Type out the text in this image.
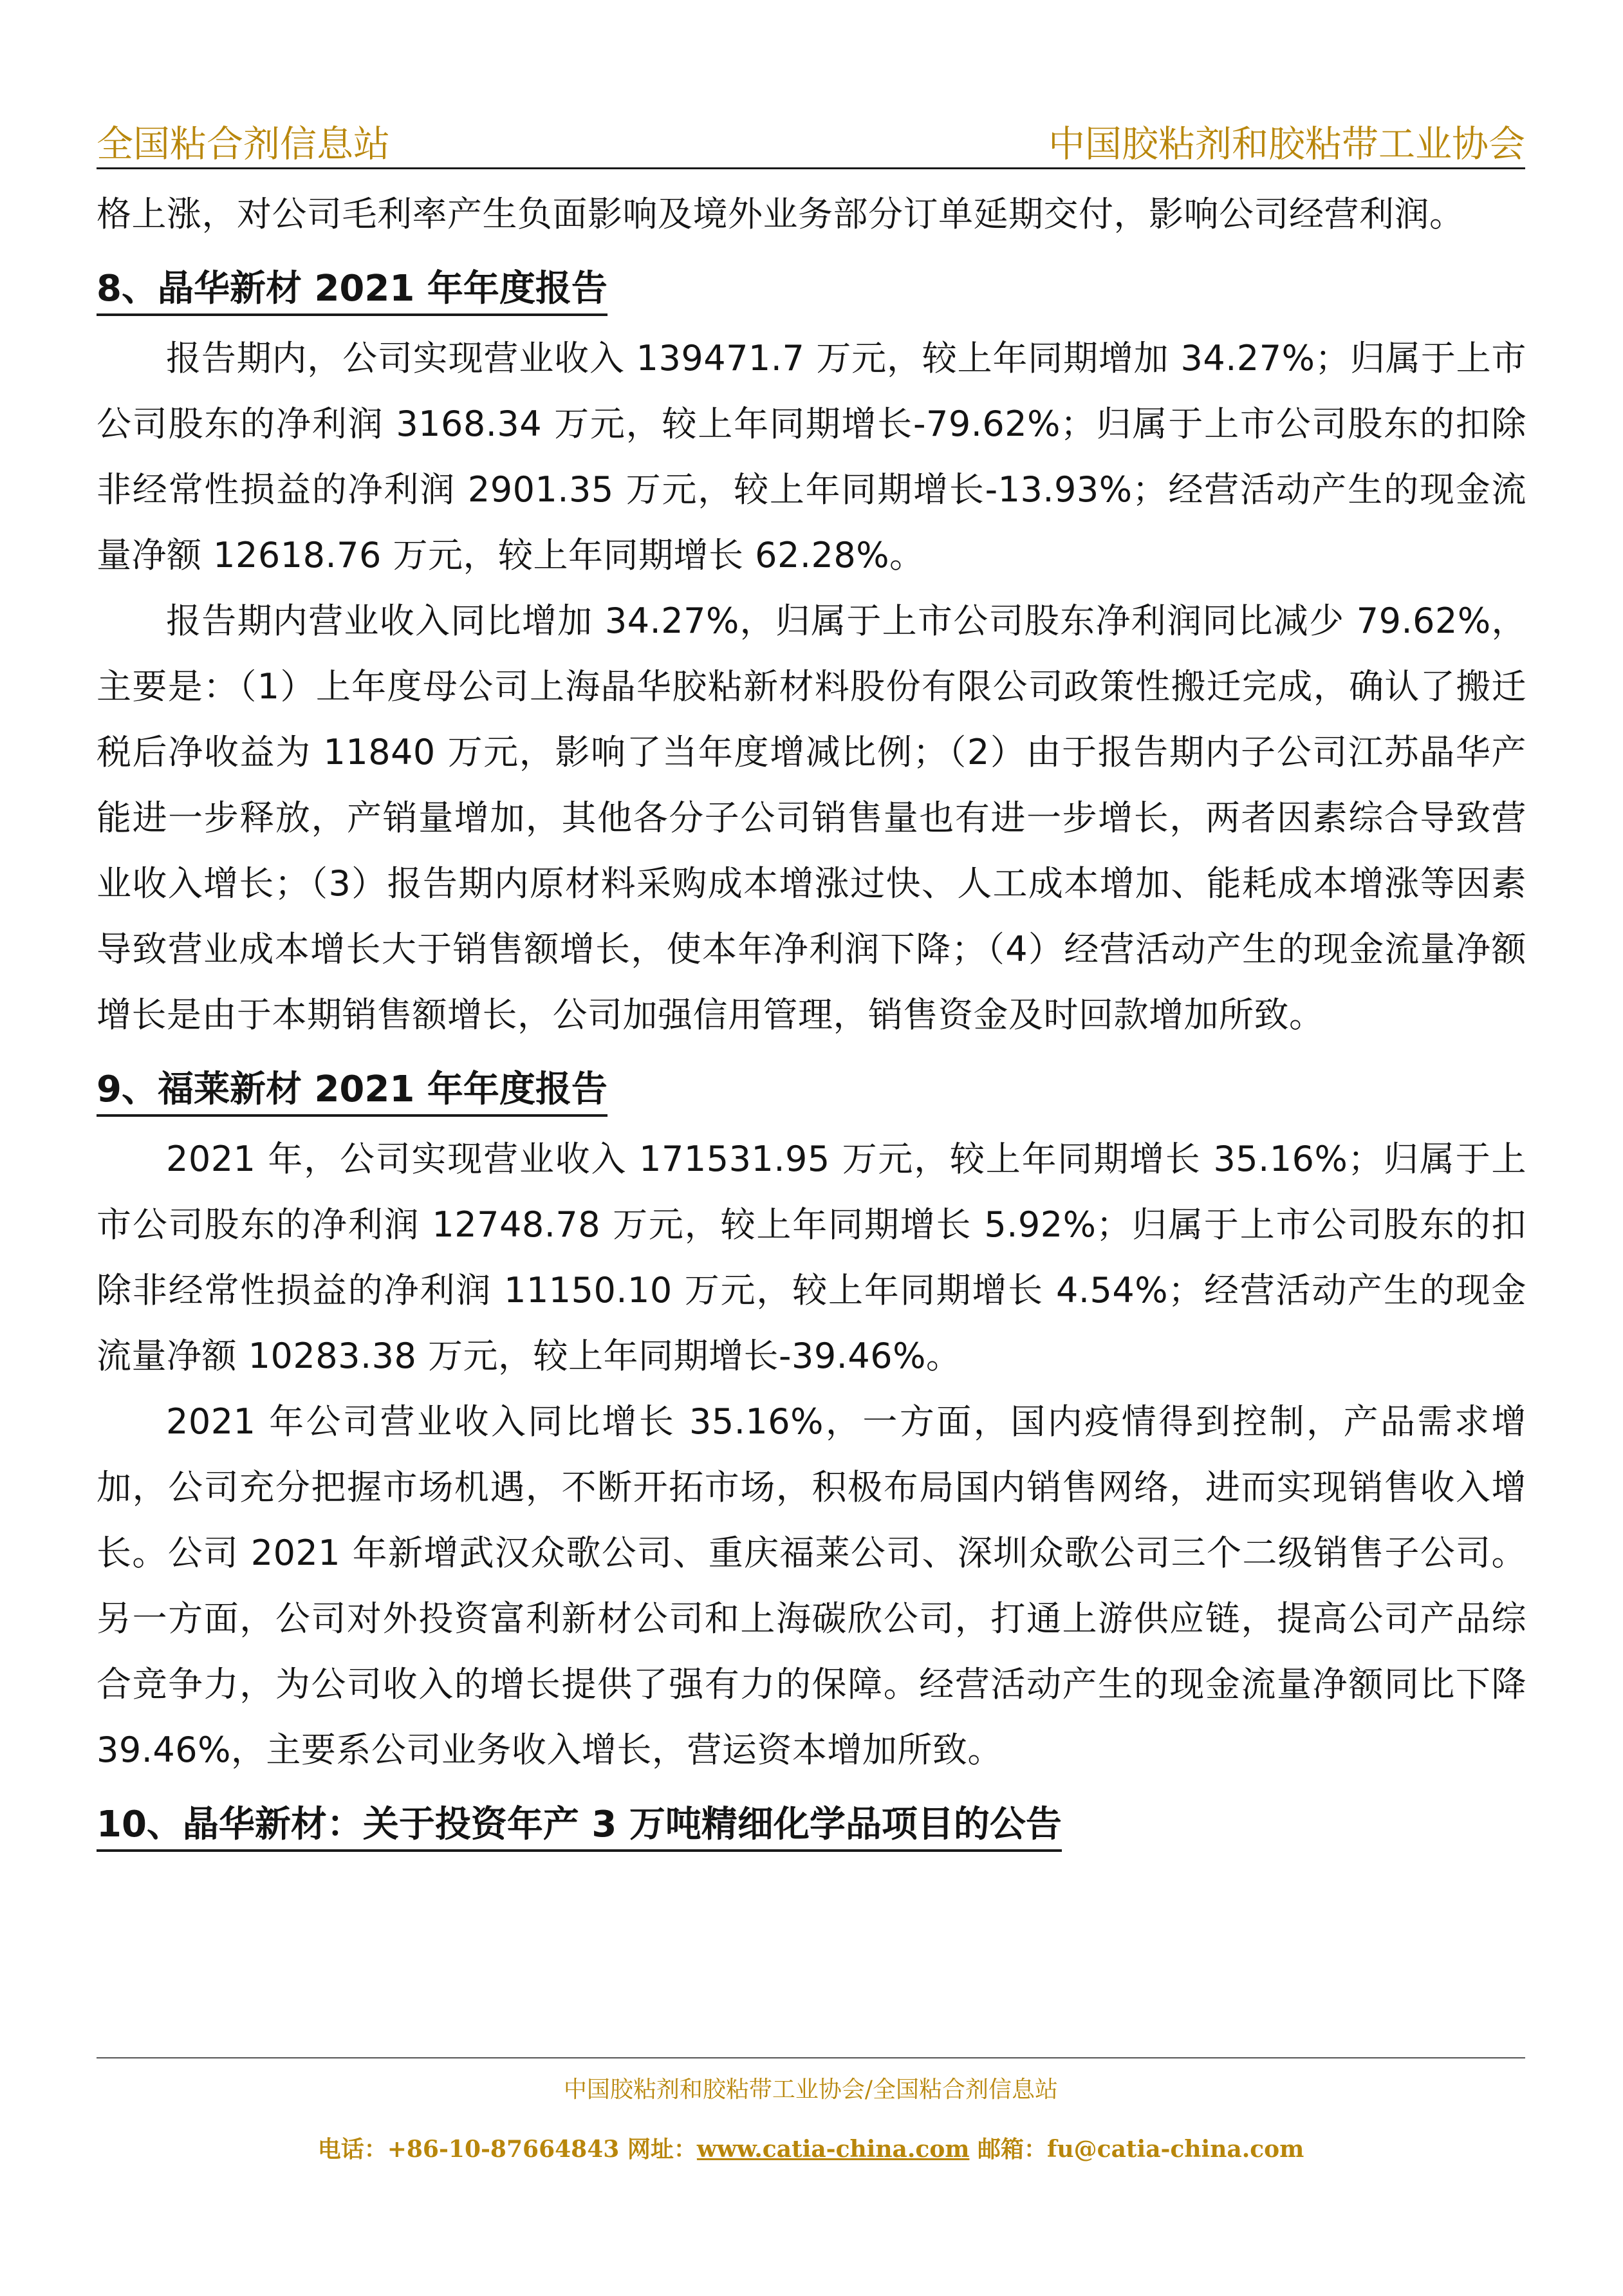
全国粘合剂信息站	中国胶粘剂和胶粘带工业协会

格上涨，对公司毛利率产生负面影响及境外业务部分订单延期交付，影响公司经营利润。

8、晶华新材 2021 年年度报告

报告期内，公司实现营业收入 139471.7 万元，较上年同期增加 34.27%；归属于上市公司股东的净利润 3168.34 万元，较上年同期增长-79.62%；归属于上市公司股东的扣除非经常性损益的净利润 2901.35 万元，较上年同期增长-13.93%；经营活动产生的现金流量净额 12618.76 万元，较上年同期增长 62.28%。

报告期内营业收入同比增加 34.27%，归属于上市公司股东净利润同比减少 79.62%，主要是：（1）上年度母公司上海晶华胶粘新材料股份有限公司政策性搬迁完成，确认了搬迁税后净收益为 11840 万元，影响了当年度增减比例；（2）由于报告期内子公司江苏晶华产能进一步释放，产销量增加，其他各分子公司销售量也有进一步增长，两者因素综合导致营业收入增长；（3）报告期内原材料采购成本增涨过快、人工成本增加、能耗成本增涨等因素导致营业成本增长大于销售额增长，使本年净利润下降；（4）经营活动产生的现金流量净额增长是由于本期销售额增长，公司加强信用管理，销售资金及时回款增加所致。

9、福莱新材 2021 年年度报告

2021 年，公司实现营业收入 171531.95 万元，较上年同期增长 35.16%；归属于上市公司股东的净利润 12748.78 万元，较上年同期增长 5.92%；归属于上市公司股东的扣除非经常性损益的净利润 11150.10 万元，较上年同期增长 4.54%；经营活动产生的现金流量净额 10283.38 万元，较上年同期增长-39.46%。

2021 年公司营业收入同比增长 35.16%，一方面，国内疫情得到控制，产品需求增加，公司充分把握市场机遇，不断开拓市场，积极布局国内销售网络，进而实现销售收入增长。公司 2021 年新增武汉众歌公司、重庆福莱公司、深圳众歌公司三个二级销售子公司。另一方面，公司对外投资富利新材公司和上海碳欣公司，打通上游供应链，提高公司产品综合竞争力，为公司收入的增长提供了强有力的保障。经营活动产生的现金流量净额同比下降 39.46%，主要系公司业务收入增长，营运资本增加所致。

10、晶华新材：关于投资年产 3 万吨精细化学品项目的公告
中国胶粘剂和胶粘带工业协会/全国粘合剂信息站
电话：+86-10-87664843 网址：www.catia-china.com 邮箱：fu@catia-china.com
